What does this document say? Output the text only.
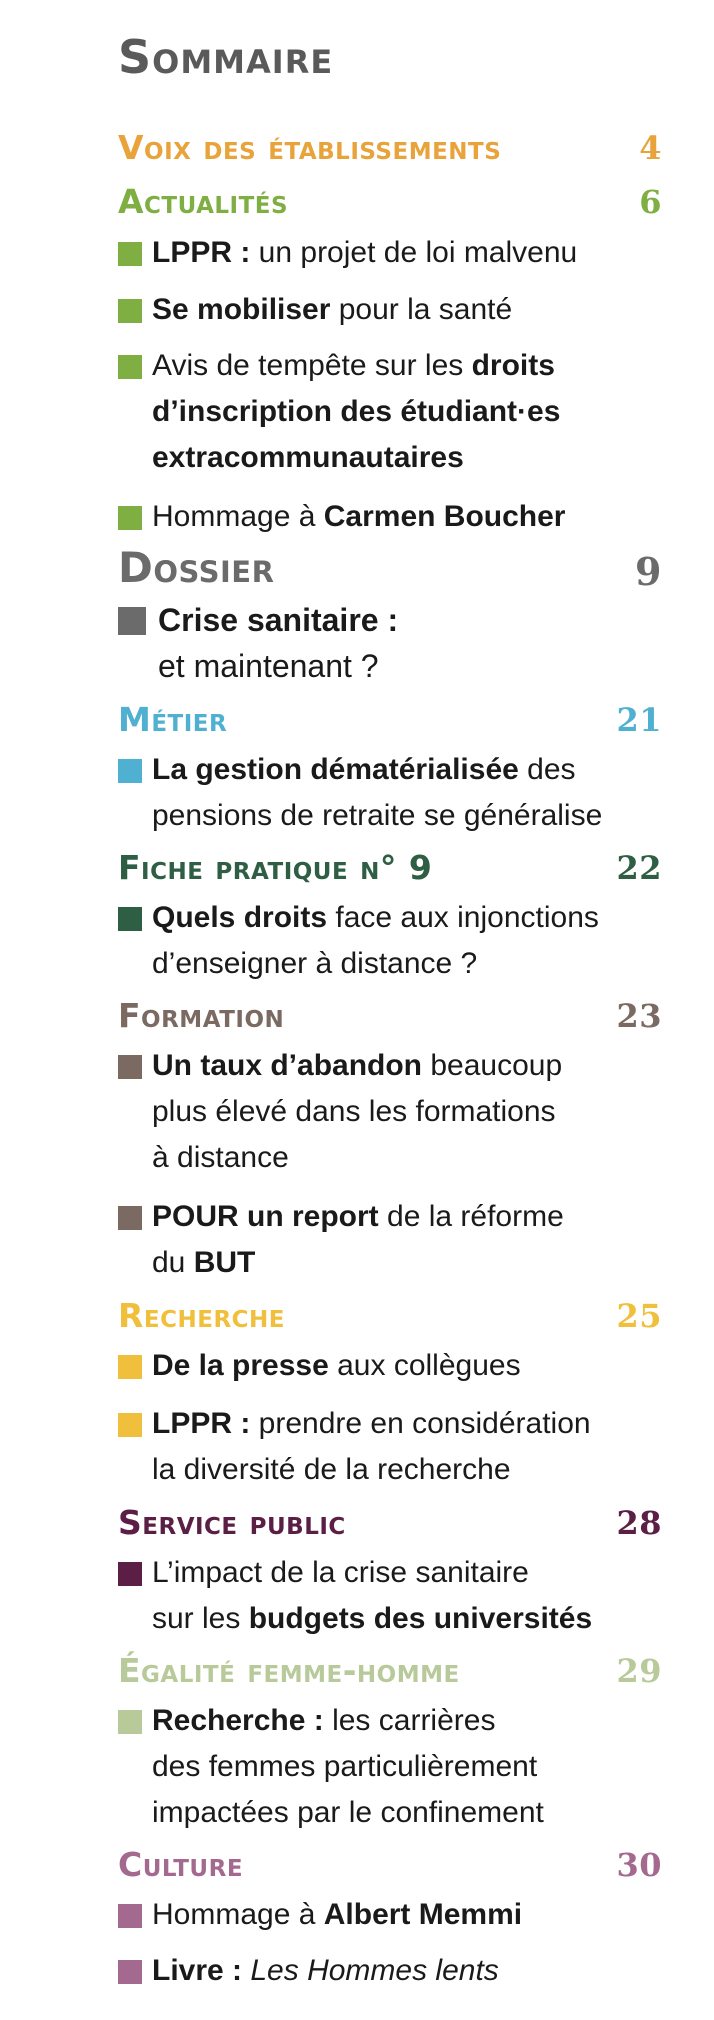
Sommaire
Voix des établissements	4
Actualités	6
LPPR : un projet de loi malvenu
Se mobiliser pour la santé
Avis de tempête sur les droits
d’inscription des étudiant·es
extracommunautaires
Hommage à Carmen Boucher
Dossier	9
Crise sanitaire :
et maintenant ?
Métier	21
La gestion dématérialisée des
pensions de retraite se généralise
Fiche pratique n° 9	22
Quels droits face aux injonctions
d’enseigner à distance ?
Formation	23
Un taux d’abandon beaucoup
plus élevé dans les formations
à distance
POUR un report de la réforme
du BUT
Recherche	25
De la presse aux collègues
LPPR : prendre en considération
la diversité de la recherche
Service public	28
L’impact de la crise sanitaire
sur les budgets des universités
Égalité femme-homme	29
Recherche : les carrières
des femmes particulièrement
impactées par le confinement
Culture	30
Hommage à Albert Memmi
Livre : Les Hommes lents
